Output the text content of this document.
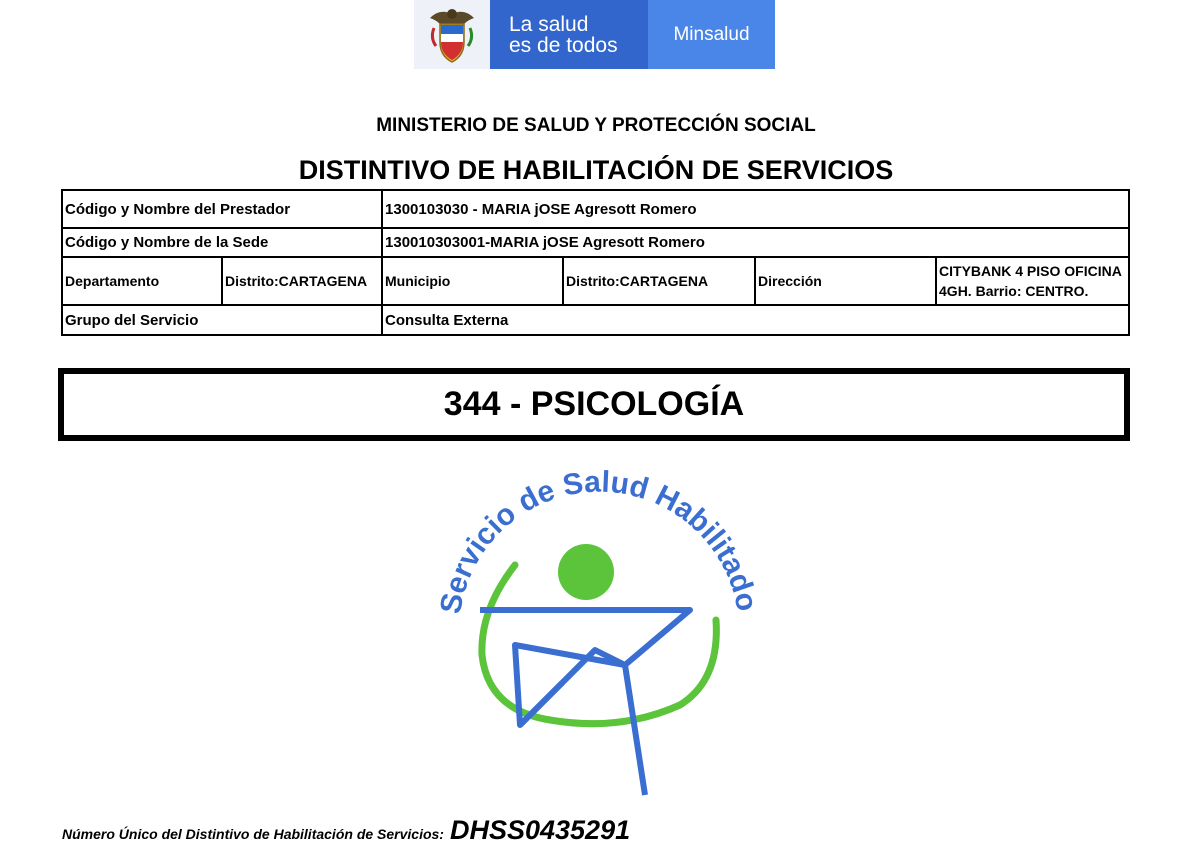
La salud
es de todos	Minsalud
MINISTERIO DE SALUD Y PROTECCIÓN SOCIAL
DISTINTIVO DE HABILITACIÓN DE SERVICIOS
Código y Nombre del Prestador		1300103030 - MARIA jOSE Agresott Romero			
Código y Nombre de la Sede		130010303001-MARIA jOSE Agresott Romero			
Departamento	Distrito:CARTAGENA	Municipio	Distrito:CARTAGENA	Dirección	CITYBANK 4 PISO OFICINA
4GH. Barrio: CENTRO.
Grupo del Servicio		Consulta Externa			
344 - PSICOLOGÍA
Servicio de Salud Habilitado
Número Único del Distintivo de Habilitación de Servicios: DHSS0435291
